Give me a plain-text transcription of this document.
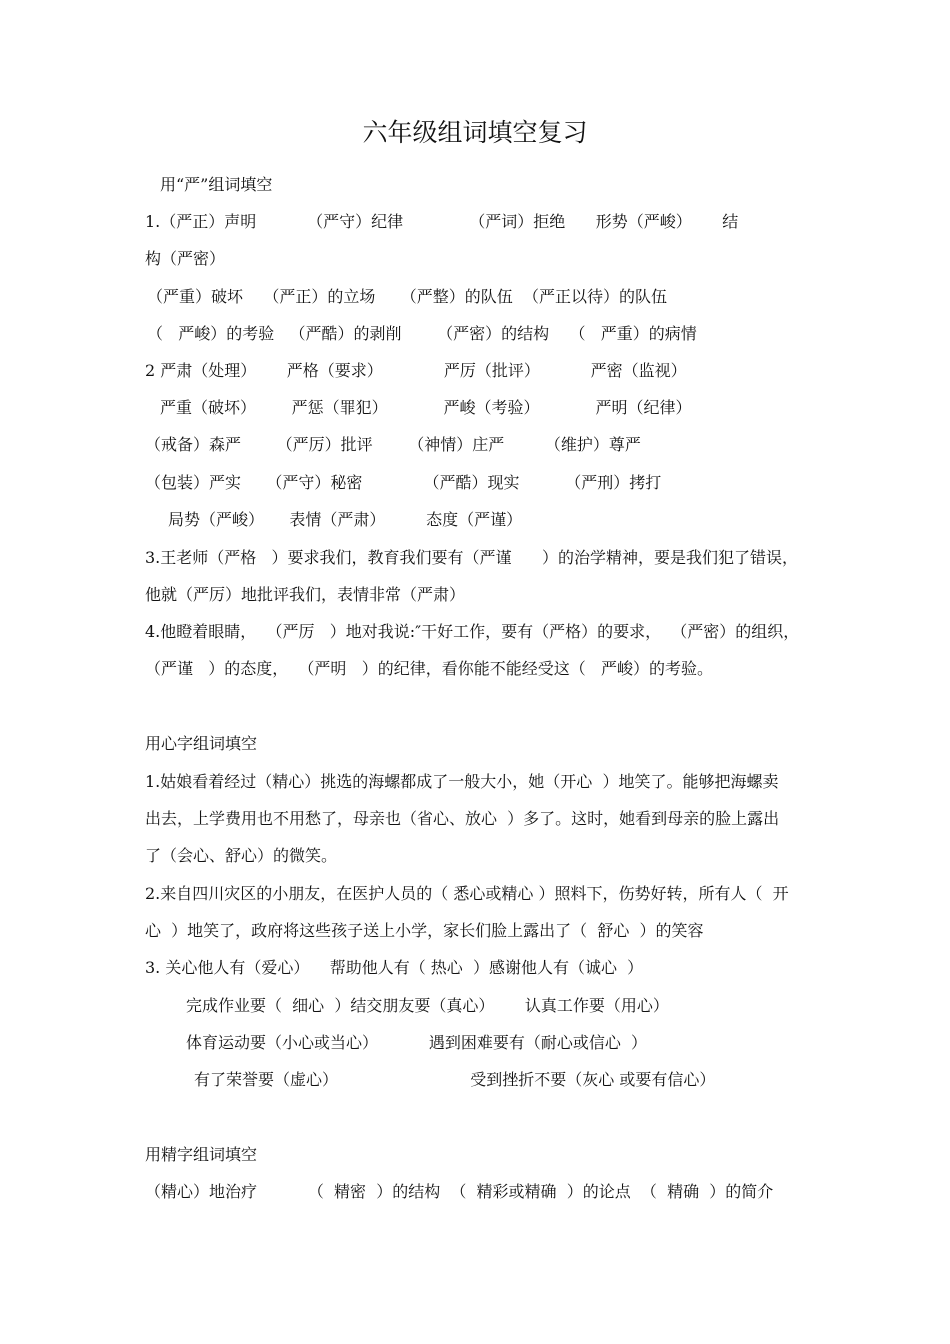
六年级组词填空复习
用“严”组词填空
1.（严正）声明          （严守）纪律             （严词）拒绝      形势（严峻）      结
构（严密）
（严重）破坏    （严正）的立场     （严整）的队伍  （严正以待）的队伍
（   严峻）的考验   （严酷）的剥削       （严密）的结构    （   严重）的病情
2 严肃（处理）      严格（要求）            严厉（批评）          严密（监视）
严重（破坏）       严惩（罪犯）           严峻（考验）           严明（纪律）
（戒备）森严       （严厉）批评       （神情）庄严        （维护）尊严
（包装）严实     （严守）秘密            （严酷）现实         （严刑）拷打
局势（严峻）     表情（严肃）        态度（严谨）
3.王老师（严格   ）要求我们，教育我们要有（严谨      ）的治学精神，要是我们犯了错误，
他就（严厉）地批评我们，表情非常（严肃）
4.他瞪着眼睛，  （严厉   ）地对我说:″干好工作，要有（严格）的要求，  （严密）的组织，
（严谨   ）的态度，  （严明   ）的纪律，看你能不能经受这（   严峻）的考验。
用心字组词填空
1.姑娘看着经过（精心）挑选的海螺都成了一般大小，她（开心  ）地笑了。能够把海螺卖
出去，上学费用也不用愁了，母亲也（省心、放心  ）多了。这时，她看到母亲的脸上露出
了（会心、舒心）的微笑。
2.来自四川灾区的小朋友，在医护人员的（ 悉心或精心 ）照料下，伤势好转，所有人（  开
心  ）地笑了，政府将这些孩子送上小学，家长们脸上露出了（  舒心  ）的笑容
3. 关心他人有（爱心）    帮助他人有（ 热心  ）感谢他人有（诚心  ）
完成作业要（  细心  ）结交朋友要（真心）      认真工作要（用心）
体育运动要（小心或当心）          遇到困难要有（耐心或信心  ）
有了荣誉要（虚心）                          受到挫折不要（灰心 或要有信心）
用精字组词填空
（精心）地治疗          （  精密  ）的结构  （  精彩或精确  ）的论点  （  精确  ）的简介
